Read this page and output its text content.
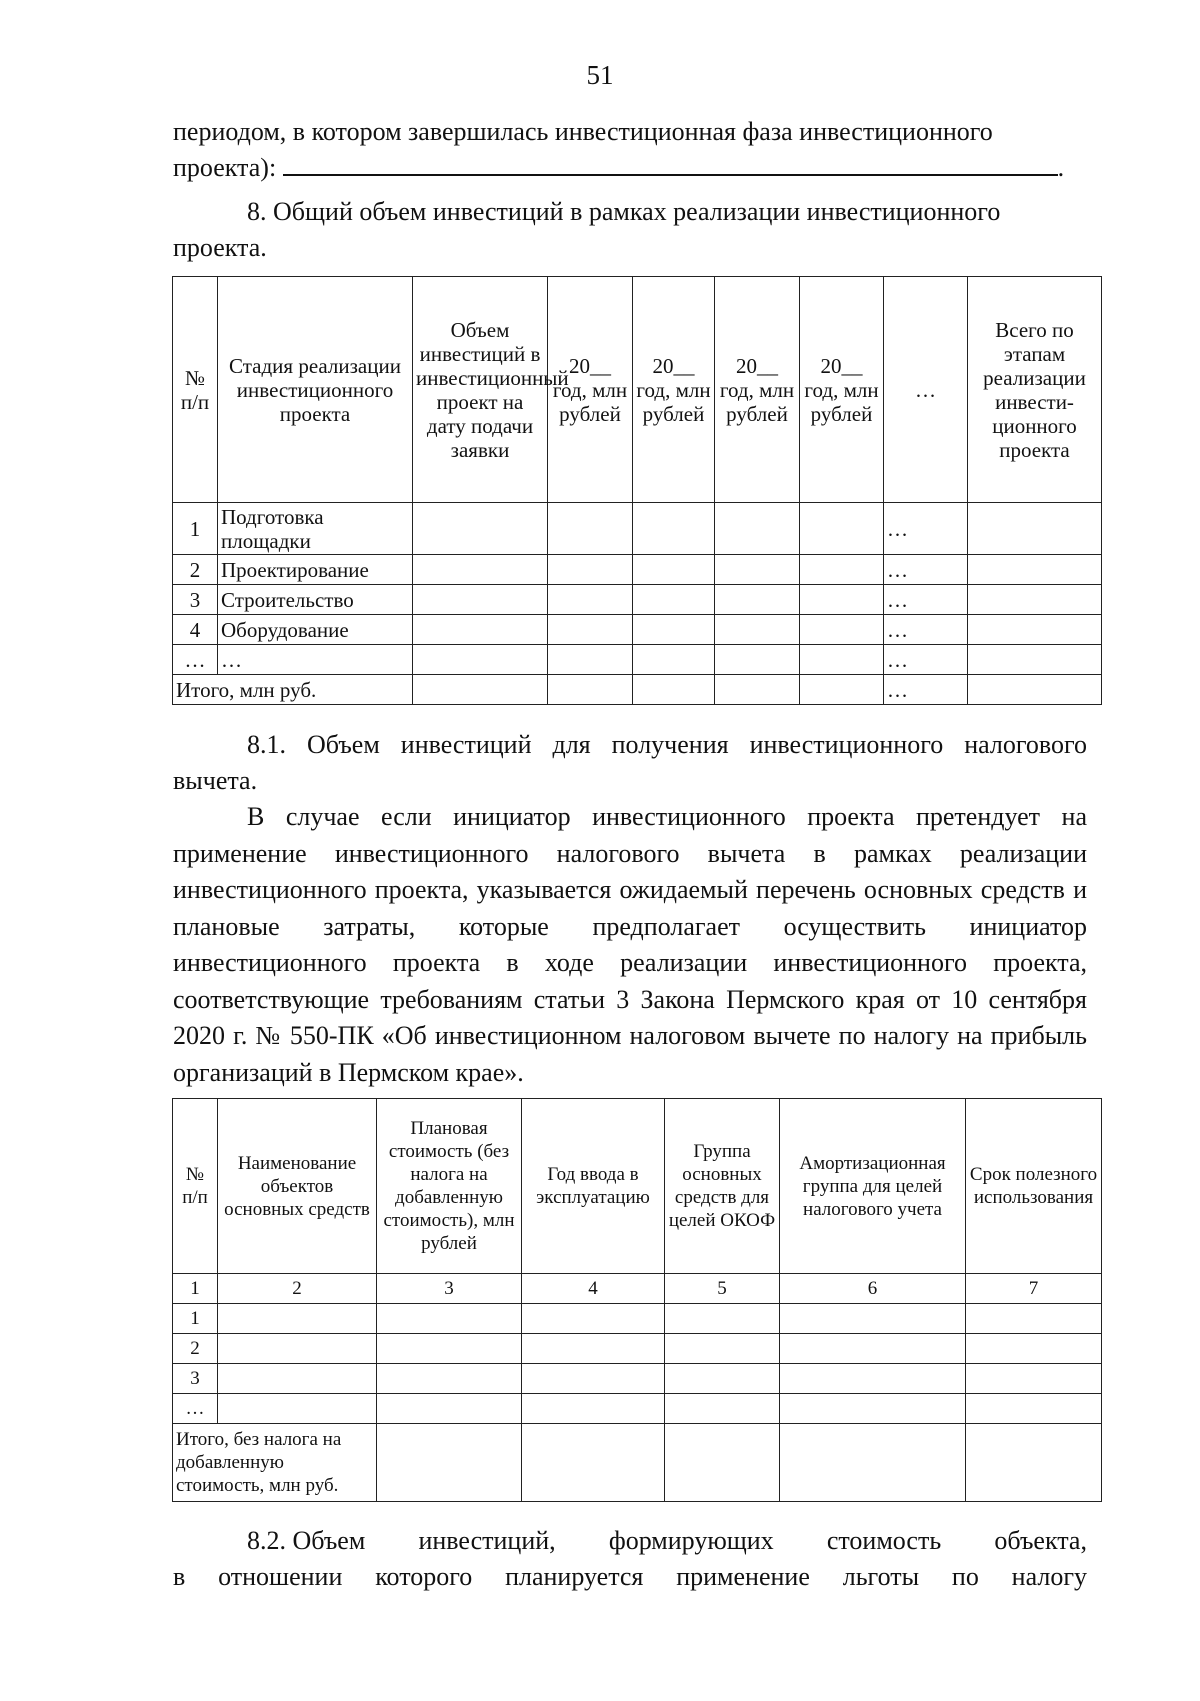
51
периодом, в котором завершилась инвестиционная фаза инвестиционного
проекта):	.
8. Общий объем инвестиций в рамках реализации инвестиционного
проекта.
№ п/п	Стадия реализации инвестиционного проекта	Объем инвестиций в инвестиционный проект на дату подачи заявки	20__ год, млн рублей	20__ год, млн рублей	20__ год, млн рублей	20__ год, млн рублей	…	Всего по этапам реализации инвести-ционного проекта
1	Подготовка площадки						…	
2	Проектирование						…	
3	Строительство						…	
4	Оборудование						…	
…	…						…	
Итого, млн руб.							…	
8.1. Объем инвестиций для получения инвестиционного налогового вычета.
В случае если инициатор инвестиционного проекта претендует на применение инвестиционного налогового вычета в рамках реализации инвестиционного проекта, указывается ожидаемый перечень основных средств и плановые затраты, которые предполагает осуществить инициатор инвестиционного проекта в ходе реализации инвестиционного проекта, соответствующие требованиям статьи 3 Закона Пермского края от 10 сентября 2020 г. № 550-ПК «Об инвестиционном налоговом вычете по налогу на прибыль организаций в Пермском крае».
№ п/п	Наименование объектов основных средств	Плановая стоимость (без налога на добавленную стоимость), млн рублей	Год ввода в эксплуатацию	Группа основных средств для целей ОКОФ	Амортизационная группа для целей налогового учета	Срок полезного использования
1	2	3	4	5	6	7
1						
2						
3						
…						
Итого, без налога на добавленную стоимость, млн руб.						
8.2. Объем инвестиций, формирующих стоимость объекта,
в отношении которого планируется применение льготы по налогу
